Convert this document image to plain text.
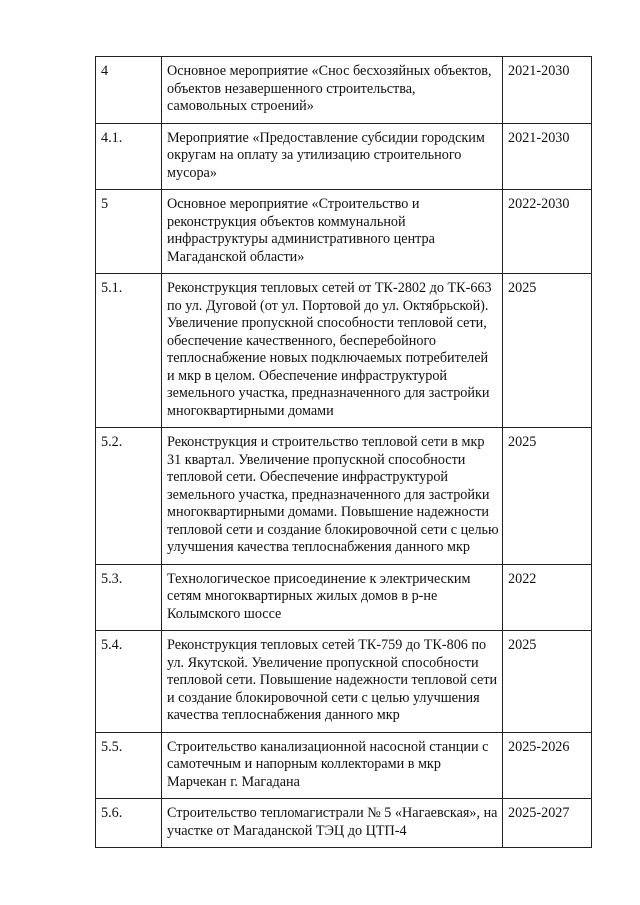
4	Основное мероприятие «Снос бесхозяйных объектов, объектов незавершенного строительства, самовольных строений»	2021-2030
4.1.	Мероприятие «Предоставление субсидии городским округам на оплату за утилизацию строительного мусора»	2021-2030
5	Основное мероприятие «Строительство и реконструкция объектов коммунальной инфраструктуры административного центра Магаданской области»	2022-2030
5.1.	Реконструкция тепловых сетей от ТК-2802 до ТК-663 по ул. Дуговой (от ул. Портовой до ул. Октябрьской). Увеличение пропускной способности тепловой сети, обеспечение качественного, бесперебойного теплоснабжение новых подключаемых потребителей и мкр в целом. Обеспечение инфраструктурой земельного участка, предназначенного для застройки многоквартирными домами	2025
5.2.	Реконструкция и строительство тепловой сети в мкр 31 квартал. Увеличение пропускной способности тепловой сети. Обеспечение инфраструктурой земельного участка, предназначенного для застройки многоквартирными домами. Повышение надежности тепловой сети и создание блокировочной сети с целью улучшения качества теплоснабжения данного мкр	2025
5.3.	Технологическое присоединение к электрическим сетям многоквартирных жилых домов в р-не Колымского шоссе	2022
5.4.	Реконструкция тепловых сетей ТК-759 до ТК-806 по ул. Якутской. Увеличение пропускной способности тепловой сети. Повышение надежности тепловой сети и создание блокировочной сети с целью улучшения качества теплоснабжения данного мкр	2025
5.5.	Строительство канализационной насосной станции с самотечным и напорным коллекторами в мкр Марчекан г. Магадана	2025-2026
5.6.	Строительство тепломагистрали № 5 «Нагаевская», на участке от Магаданской ТЭЦ до ЦТП-4	2025-2027
